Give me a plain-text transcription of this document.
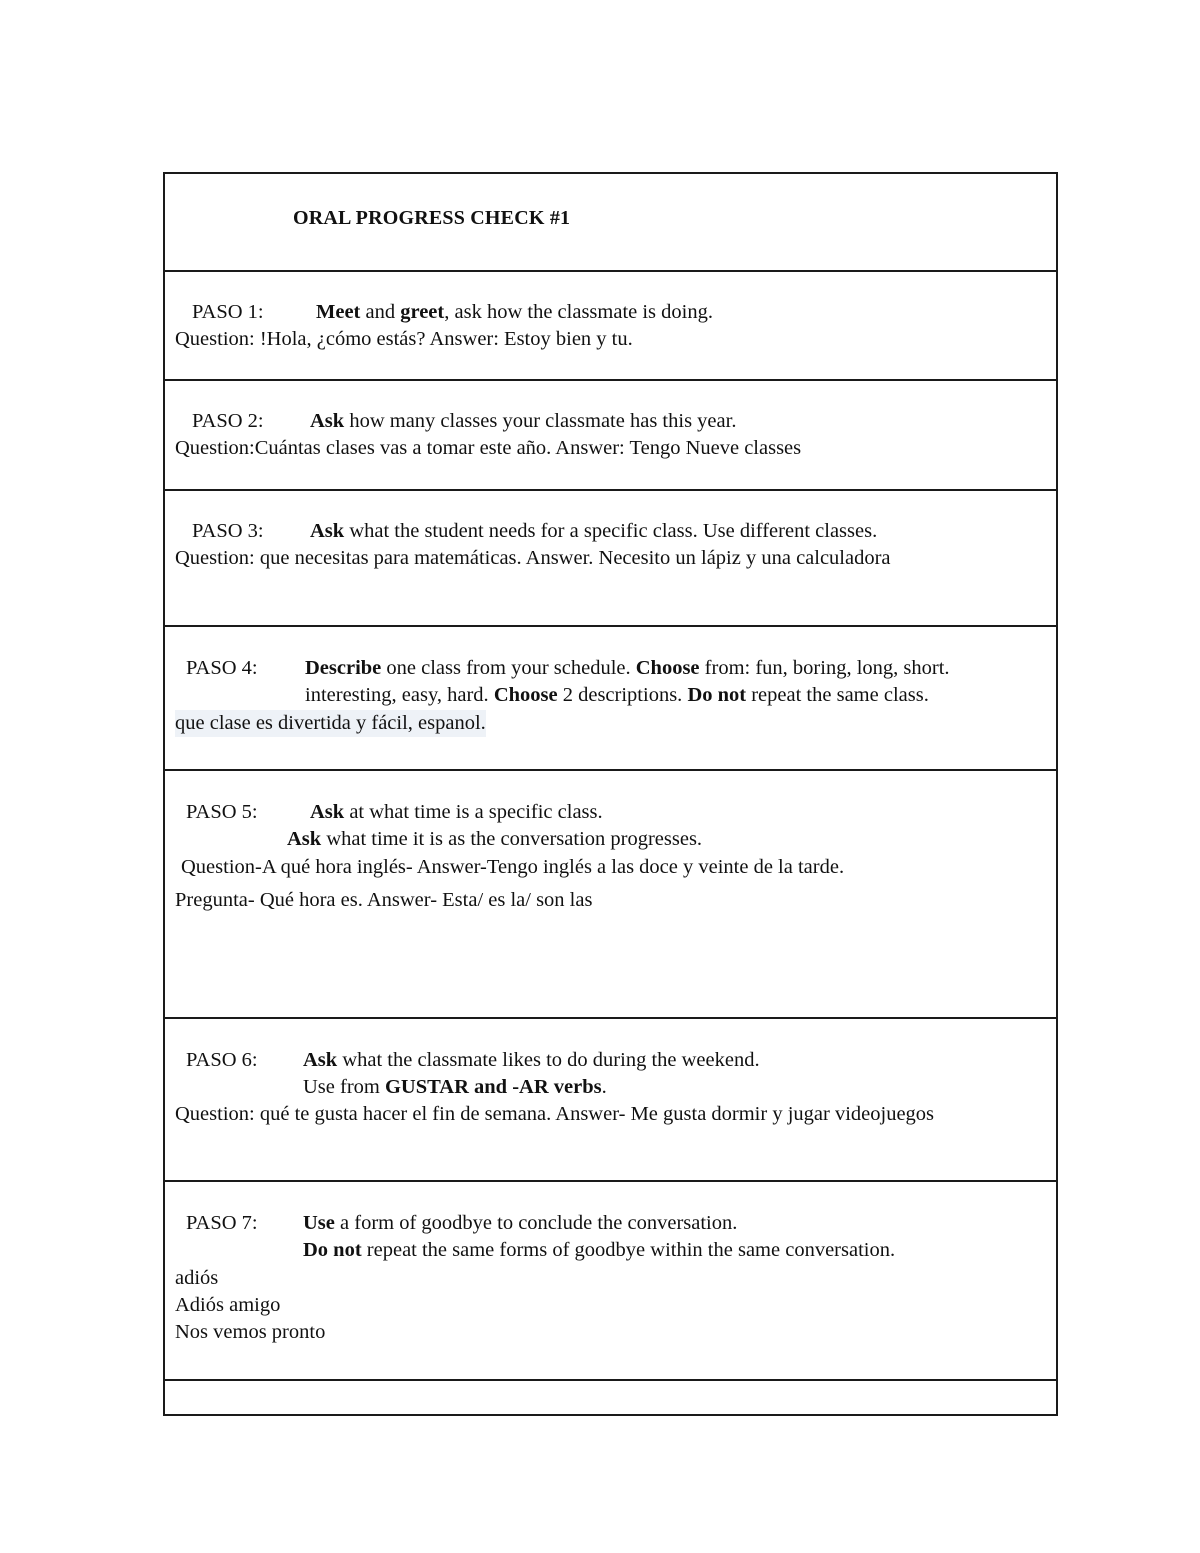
ORAL PROGRESS CHECK #1
PASO 1:	Meet and greet, ask how the classmate is doing.
Question: !Hola, ¿cómo estás? Answer: Estoy bien y tu.
PASO 2: Ask how many classes your classmate has this year.
Question:Cuántas clases vas a tomar este año. Answer: Tengo Nueve classes
PASO 3: Ask what the student needs for a specific class. Use different classes.
Question: que necesitas para matemáticas. Answer. Necesito un lápiz y una calculadora
PASO 4: Describe one class from your schedule. Choose from: fun, boring, long, short.
interesting, easy, hard. Choose 2 descriptions. Do not repeat the same class.
que clase es divertida y fácil, espanol.
PASO 5:	Ask at what time is a specific class.
Ask what time it is as the conversation progresses.
Question-A qué hora inglés- Answer-Tengo inglés a las doce y veinte de la tarde.
Pregunta- Qué hora es. Answer- Esta/ es la/ son las
PASO 6: Ask what the classmate likes to do during the weekend.
Use from GUSTAR and -AR verbs.
Question: qué te gusta hacer el fin de semana. Answer- Me gusta dormir y jugar videojuegos
PASO 7: Use a form of goodbye to conclude the conversation.
Do not repeat the same forms of goodbye within the same conversation.
adiós
Adiós amigo
Nos vemos pronto
